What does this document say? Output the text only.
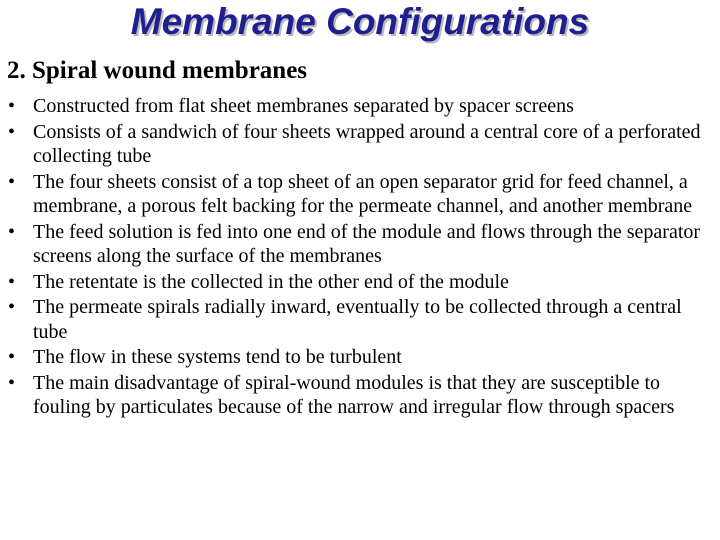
Membrane Configurations
2. Spiral wound membranes
• Constructed from flat sheet membranes separated by spacer screens
• Consists of a sandwich of four sheets wrapped around a central core of a perforated collecting tube
• The four sheets consist of a top sheet of an open separator grid for feed channel, a membrane, a porous felt backing for the permeate channel, and another membrane
• The feed solution is fed into one end of the module and flows through the separator screens along the surface of the membranes
• The retentate is the collected in the other end of the module
• The permeate spirals radially inward, eventually to be collected through a central tube
• The flow in these systems tend to be turbulent
• The main disadvantage of spiral-wound modules is that they are susceptible to fouling by particulates because of the narrow and irregular flow through spacers
